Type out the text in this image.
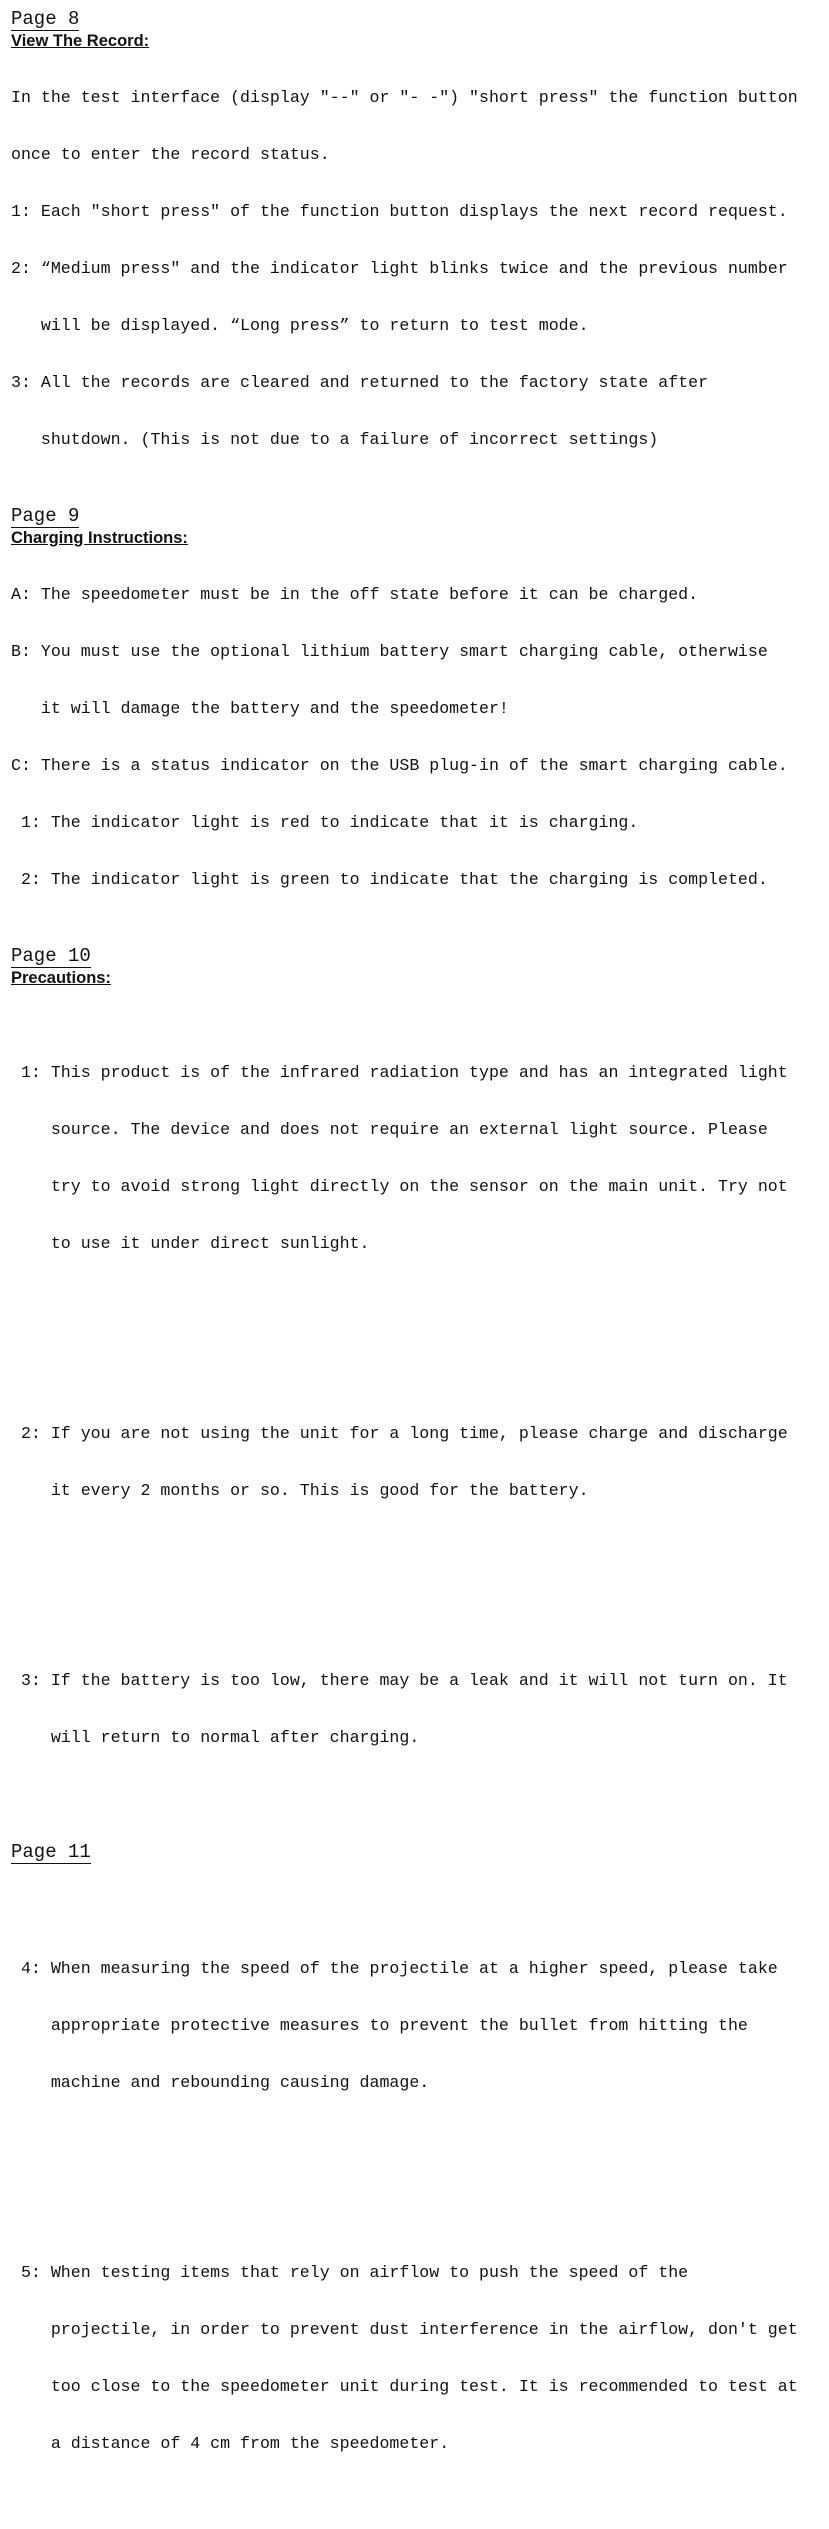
Page 8
View The Record:

In the test interface (display "--" or "- -") "short press" the function button

once to enter the record status.

1: Each "short press" of the function button displays the next record request.

2: “Medium press" and the indicator light blinks twice and the previous number

will be displayed. “Long press” to return to test mode.

3: All the records are cleared and returned to the factory state after

shutdown. (This is not due to a failure of incorrect settings)

Page 9
Charging Instructions:

A: The speedometer must be in the off state before it can be charged.

B: You must use the optional lithium battery smart charging cable, otherwise

it will damage the battery and the speedometer!

C: There is a status indicator on the USB plug-in of the smart charging cable.

1: The indicator light is red to indicate that it is charging.

2: The indicator light is green to indicate that the charging is completed.

Page 10
Precautions:

1: This product is of the infrared radiation type and has an integrated light

source. The device and does not require an external light source. Please

try to avoid strong light directly on the sensor on the main unit. Try not

to use it under direct sunlight.

2: If you are not using the unit for a long time, please charge and discharge

it every 2 months or so. This is good for the battery.

3: If the battery is too low, there may be a leak and it will not turn on. It

will return to normal after charging.

Page 11

4: When measuring the speed of the projectile at a higher speed, please take

appropriate protective measures to prevent the bullet from hitting the

machine and rebounding causing damage.

5: When testing items that rely on airflow to push the speed of the

projectile, in order to prevent dust interference in the airflow, don't get

too close to the speedometer unit during test. It is recommended to test at

a distance of 4 cm from the speedometer.
